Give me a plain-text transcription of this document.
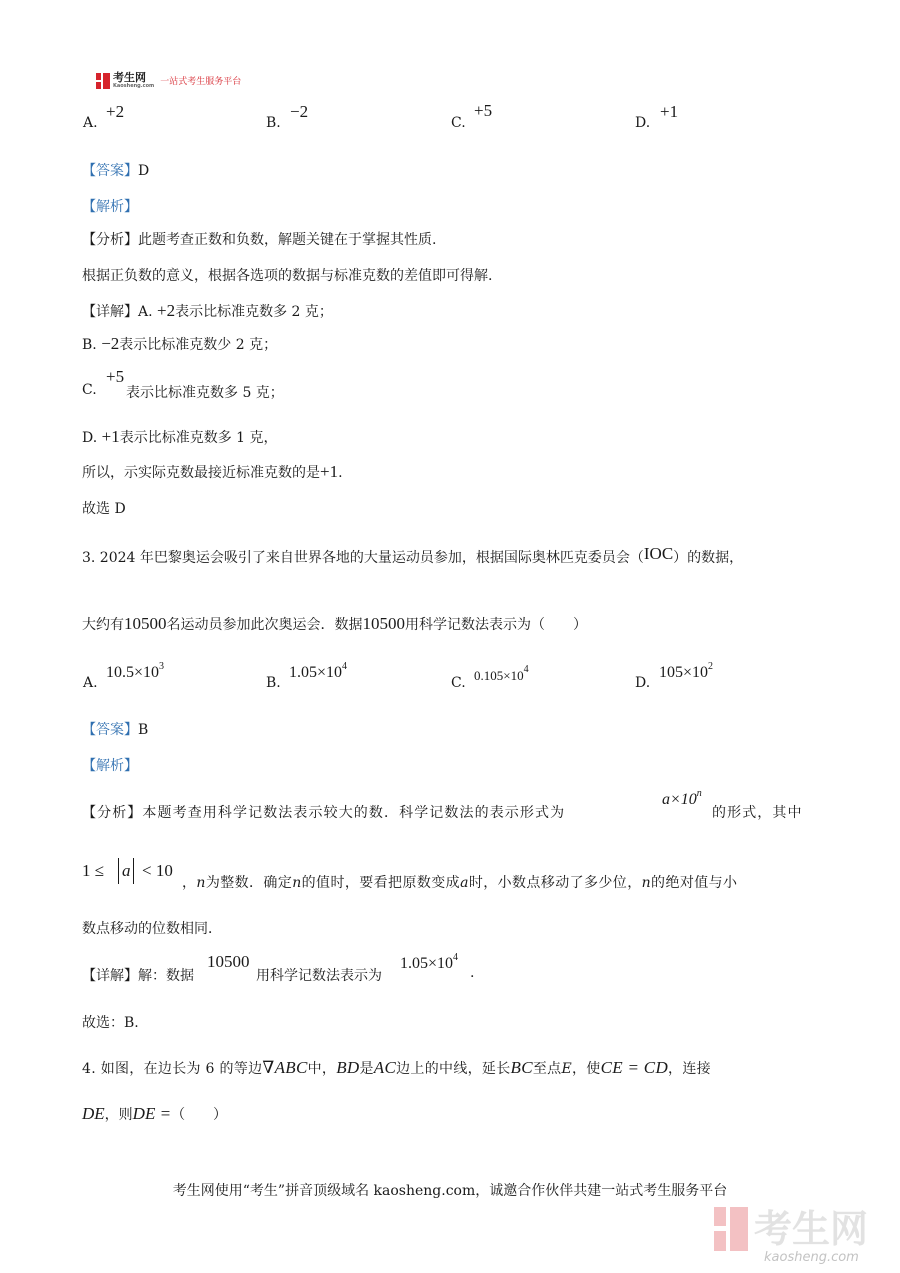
考生网
Kaosheng.com 一站式考生服务平台
A.
+2
B.
−2
C.
+5
D.
+1
【答案】D
【解析】
【分析】此题考查正数和负数，解题关键在于掌握其性质.
根据正负数的意义，根据各选项的数据与标准克数的差值即可得解.
【详解】A. +2表示比标准克数多 2 克；
B. −2表示比标准克数少 2 克；
C.
+5
表示比标准克数多 5 克；
D. +1表示比标准克数多 1 克，
所以，示实际克数最接近标准克数的是+1.
故选 D
3. 2024 年巴黎奥运会吸引了来自世界各地的大量运动员参加，根据国际奥林匹克委员会（IOC）的数据，
大约有10500名运动员参加此次奥运会．数据10500用科学记数法表示为（　　）
A.
$10.5\times 10^3$
B.
$1.05\times 10^4$
C. $0.105\times 10^4$
D.
$105\times 10^2$
【答案】B
【解析】
【分析】本题考查用科学记数法表示较大的数．科学记数法的表示形式为
$a\times 10^n$
的形式，其中
1 ≤ a < 10
，n为整数．确定n的值时，要看把原数变成a时，小数点移动了多少位，n的绝对值与小
数点移动的位数相同．
【详解】解：数据
10500
用科学记数法表示为
$1.05\times 10^4$
.
故选：B.
4. 如图，在边长为 6 的等边∇ABC中，BD是AC边上的中线，延长BC至点E，使CE = CD，连接
DE，则DE =（　　）
考生网使用“考生”拼音顶级域名 kaosheng.com，诚邀合作伙伴共建一站式考生服务平台
考生网
kaosheng.com
